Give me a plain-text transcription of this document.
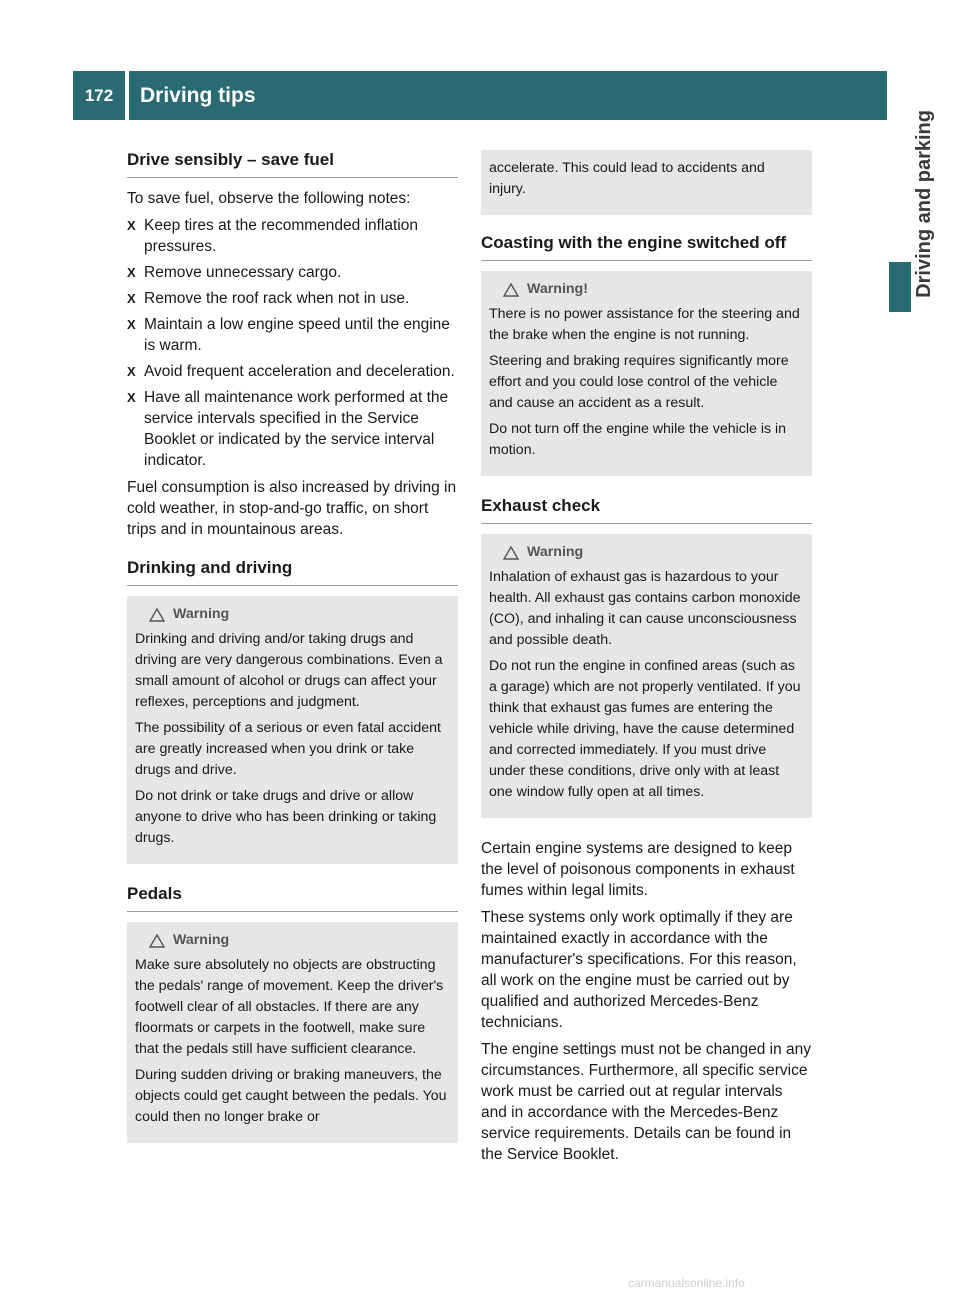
172	Driving tips
Driving and parking
Drive sensibly – save fuel

To save fuel, observe the following notes:

X Keep tires at the recommended inflation pressures.
X Remove unnecessary cargo.
X Remove the roof rack when not in use.
X Maintain a low engine speed until the engine is warm.
X Avoid frequent acceleration and deceleration.
X Have all maintenance work performed at the service intervals specified in the Service Booklet or indicated by the service interval indicator.

Fuel consumption is also increased by driving in cold weather, in stop-and-go traffic, on short trips and in mountainous areas.

Drinking and driving
Warning

Drinking and driving and/or taking drugs and driving are very dangerous combinations. Even a small amount of alcohol or drugs can affect your reflexes, perceptions and judgment.

The possibility of a serious or even fatal accident are greatly increased when you drink or take drugs and drive.

Do not drink or take drugs and drive or allow anyone to drive who has been drinking or taking drugs.

Pedals
Warning

Make sure absolutely no objects are obstructing the pedals' range of movement. Keep the driver's footwell clear of all obstacles. If there are any floormats or carpets in the footwell, make sure that the pedals still have sufficient clearance.

During sudden driving or braking maneuvers, the objects could get caught between the pedals. You could then no longer brake or

accelerate. This could lead to accidents and injury.

Coasting with the engine switched off
Warning!

There is no power assistance for the steering and the brake when the engine is not running.

Steering and braking requires significantly more effort and you could lose control of the vehicle and cause an accident as a result.

Do not turn off the engine while the vehicle is in motion.

Exhaust check
Warning

Inhalation of exhaust gas is hazardous to your health. All exhaust gas contains carbon monoxide (CO), and inhaling it can cause unconsciousness and possible death.

Do not run the engine in confined areas (such as a garage) which are not properly ventilated. If you think that exhaust gas fumes are entering the vehicle while driving, have the cause determined and corrected immediately. If you must drive under these conditions, drive only with at least one window fully open at all times.

Certain engine systems are designed to keep the level of poisonous components in exhaust fumes within legal limits.

These systems only work optimally if they are maintained exactly in accordance with the manufacturer's specifications. For this reason, all work on the engine must be carried out by qualified and authorized Mercedes-Benz technicians.

The engine settings must not be changed in any circumstances. Furthermore, all specific service work must be carried out at regular intervals and in accordance with the Mercedes-Benz service requirements. Details can be found in the Service Booklet.

carmanualsonline.info
